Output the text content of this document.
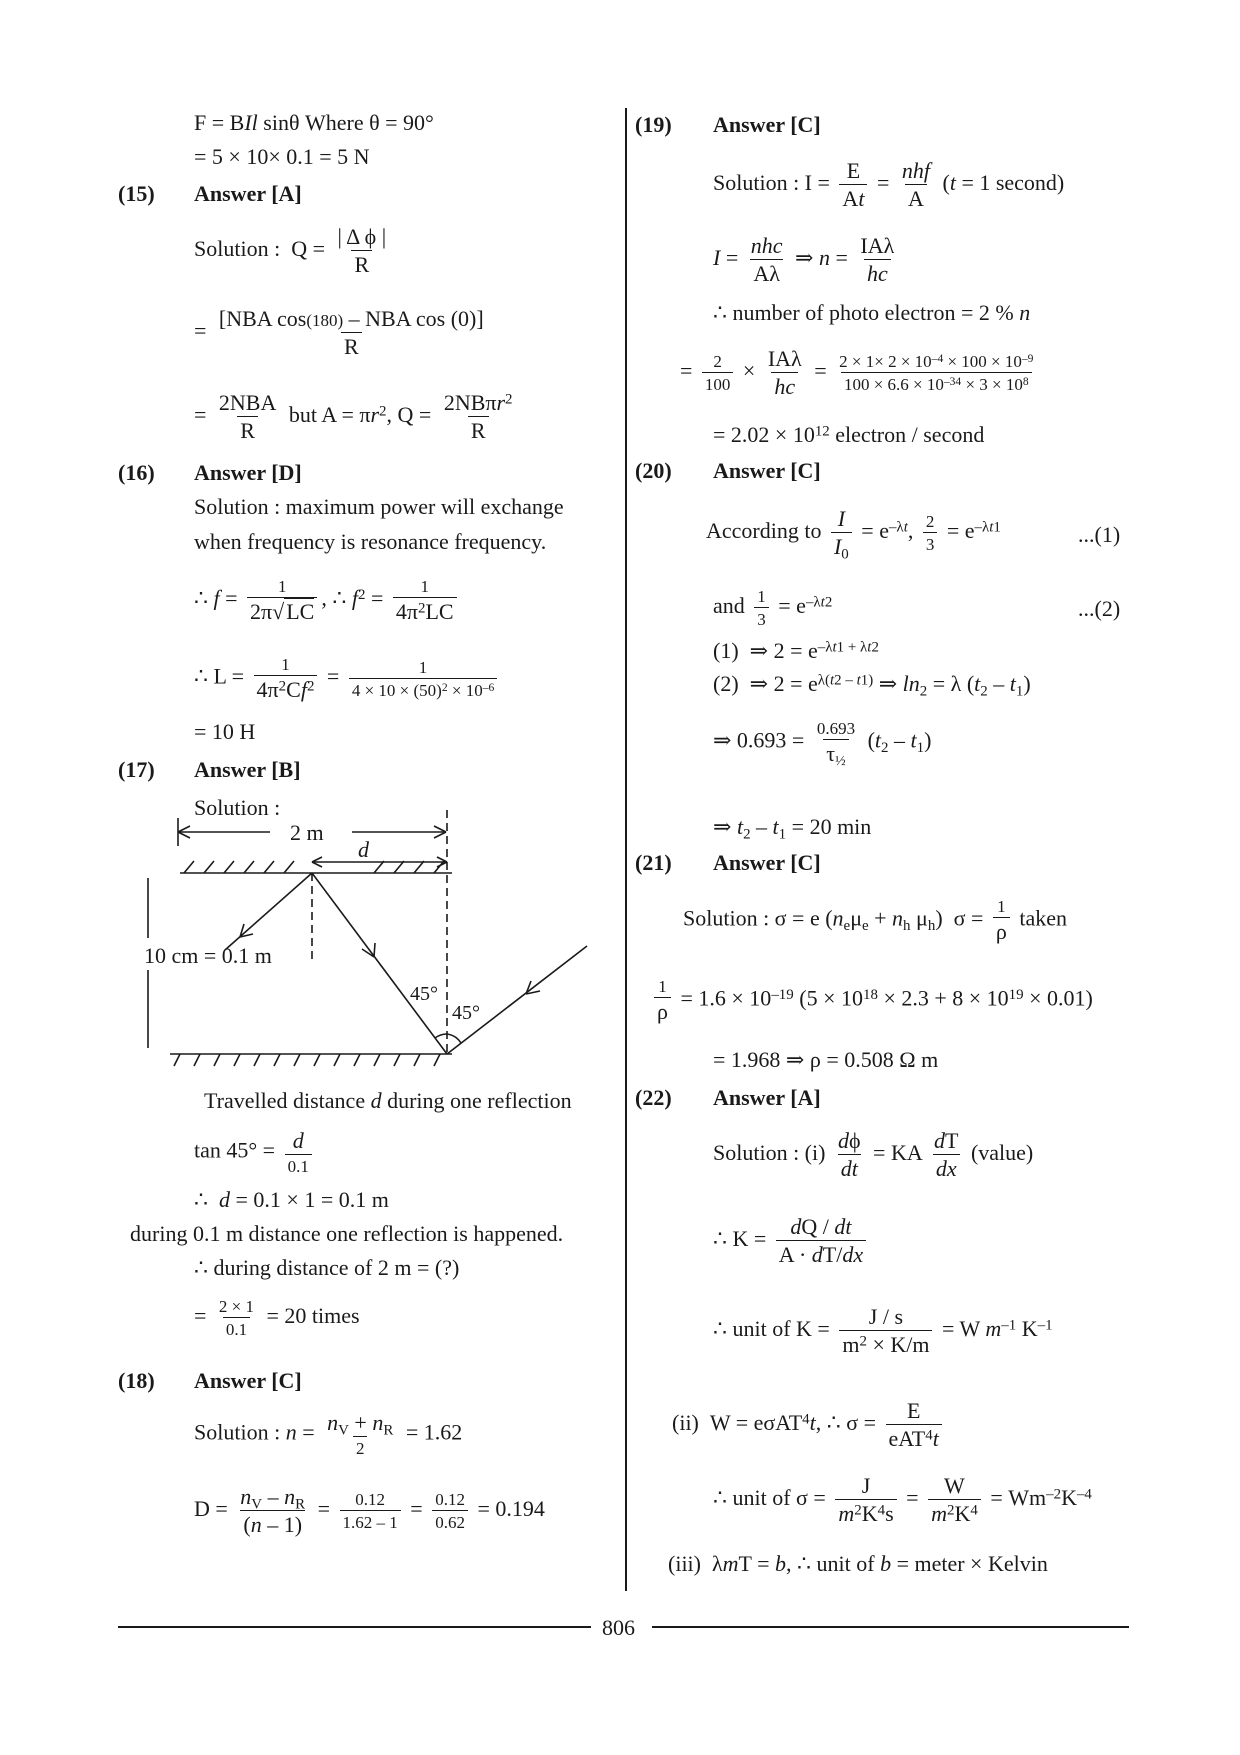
F = BIl sinθ Where θ = 90°
= 5 × 10× 0.1 = 5 N
(15) Answer [A]
Solution :  $Q = \frac{\text{| Δ ϕ |}}{R}$
= $\frac{\text{[NBA cos(180) – NBA cos (0)]}}{R}$
= $\frac{\text{2NBA}}{R}$ but $A = \pi r^2$, $Q = \frac{2NB\pi r^2}{R}$
(16) Answer [D]
Solution : maximum power will exchange
when frequency is resonance frequency.
∴ $f = \frac{1}{2\pi√LC}$ , ∴ $f^2 = \frac{1}{4\pi^2LC}$
∴ $L = \frac{1}{4\pi^2Cf^2} = \frac{1}{4 \times 10 \times (50)^2 \times 10^{-6}}$
= 10 H
(17) Answer [B]
Solution :
2 m
d
10 cm = 0.1 m
45°
45°
Travelled distance d during one reflection
$\tan 45^\circ = \frac{d}{0.1}$
∴  d = 0.1 × 1 = 0.1 m
during 0.1 m distance one reflection is happened.
∴ during distance of 2 m = (?)
= $\frac{2 \times 1}{0.1} = 20$ times
(18) Answer [C]
Solution : $n = \frac{n_V + n_R}{2} = 1.62$
$D = \frac{n_V - n_R}{(n - 1)} = \frac{0.12}{1.62 - 1} = \frac{0.12}{0.62} = 0.194$
(19) Answer [C]
Solution : $I = \frac{E}{At} = \frac{\text{nhf}}{A} (t = 1$ second)
$I = \frac{\text{nhc}}{A\lambda}$ ⇒ $n = \frac{\text{IAλ}}{hc}$
∴ number of photo electron = 2 % n
= $\frac{2}{100} \times \frac{\text{IAλ}}{hc} = \frac{2 \times 1\times 2 \times 10^{-4} \times 100 \times 10^{-9}}{100 \times 6.6 \times 10^{-34} \times 3 \times 10^8}$
= $2.02 \times 10^{12}$ electron / second
(20) Answer [C]
According to $\frac{I}{I_0} = e^{-\lambda t}$, $\frac{2}{3} = e^{-\lambda t1}$	...(1)
and $\frac{1}{3} = e^{-\lambda t2}$	...(2)
(1)  ⇒ $2 = e^{-\lambda t1 + \lambda t2}$
(2)  ⇒ $2 = e^{\lambda(t2 - t1)}$ ⇒ $\ln_2 = \lambda$ $(t_2 - t_1)$
⇒ $0.693 = \frac{0.693}{\tau_{\frac{1}{2}}} (t_2 - t_1)$
⇒ $t_2 - t_1 = 20$ min
(21) Answer [C]
Solution : σ = e ($n_e\mu_e + n_h$ $\mu_h$)  $\sigma = \frac{1}{\rho}$ taken
$\frac{1}{\rho} = 1.6 \times 10^{-19}$ $(5 \times 10^{18} \times 2.3 + 8 \times 10^{19} \times 0.01)$
= 1.968 ⇒ ρ = 0.508 Ω m
(22) Answer [A]
Solution : $(i) \frac{d\phi}{dt}$ = KA $\frac{dT}{dx}$ (value)
∴ $K = \frac{dQ / dt}{A \cdot dT/dx}$
∴ unit of $K = \frac{J / s}{m^2 \times K/m} = W$ $m^{-1}$ $K^{-1}$
(ii)  W = eσAT$^4$t, ∴ $\sigma = \frac{E}{eAT^4t}$
∴ unit of $\sigma = \frac{J}{m^2K^4s} = \frac{W}{m^2K^4} = Wm^{-2}K^{-4}$
(iii)  λmT = b, ∴ unit of b = meter × Kelvin
806
